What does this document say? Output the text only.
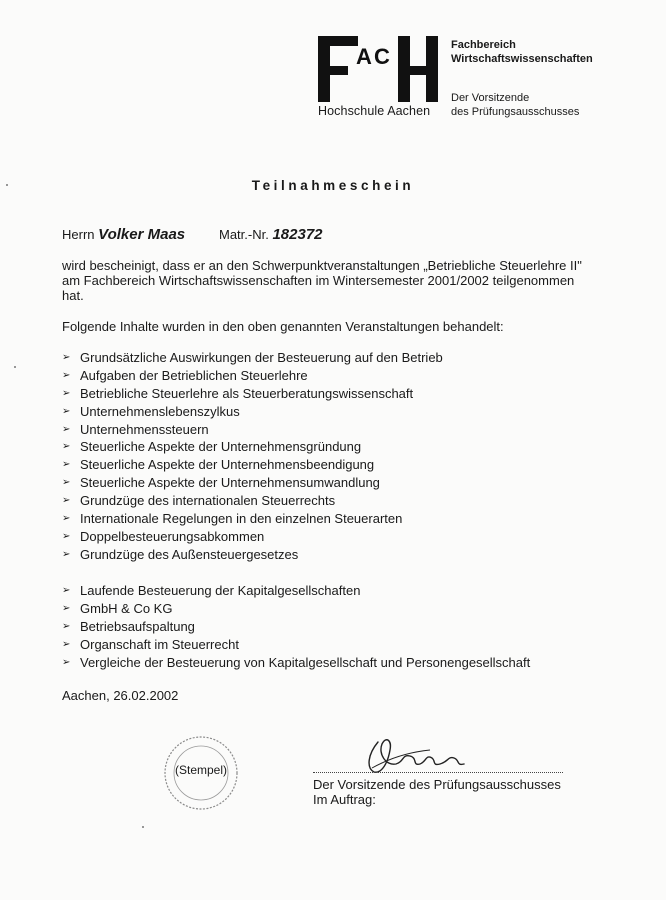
A C
Hochschule Aachen
Fachbereich
Wirtschaftswissenschaften
Der Vorsitzende
des Prüfungsausschusses
Teilnahmeschein
Herrn Volker Maas	Matr.-Nr. 182372
wird bescheinigt, dass er an den Schwerpunktveranstaltungen „Betriebliche Steuerlehre II"
am Fachbereich Wirtschaftswissenschaften im Wintersemester 2001/2002 teilgenommen
hat.
Folgende Inhalte wurden in den oben genannten Veranstaltungen behandelt:
➢ Grundsätzliche Auswirkungen der Besteuerung auf den Betrieb
➢ Aufgaben der Betrieblichen Steuerlehre
➢ Betriebliche Steuerlehre als Steuerberatungswissenschaft
➢ Unternehmenslebenszylkus
➢ Unternehmenssteuern
➢ Steuerliche Aspekte der Unternehmensgründung
➢ Steuerliche Aspekte der Unternehmensbeendigung
➢ Steuerliche Aspekte der Unternehmensumwandlung
➢ Grundzüge des internationalen Steuerrechts
➢ Internationale Regelungen in den einzelnen Steuerarten
➢ Doppelbesteuerungsabkommen
➢ Grundzüge des Außensteuergesetzes
➢ Laufende Besteuerung der Kapitalgesellschaften
➢ GmbH & Co KG
➢ Betriebsaufspaltung
➢ Organschaft im Steuerrecht
➢ Vergleiche der Besteuerung von Kapitalgesellschaft und Personengesellschaft
Aachen, 26.02.2002
(Stempel)
Der Vorsitzende des Prüfungsausschusses
Im Auftrag:
